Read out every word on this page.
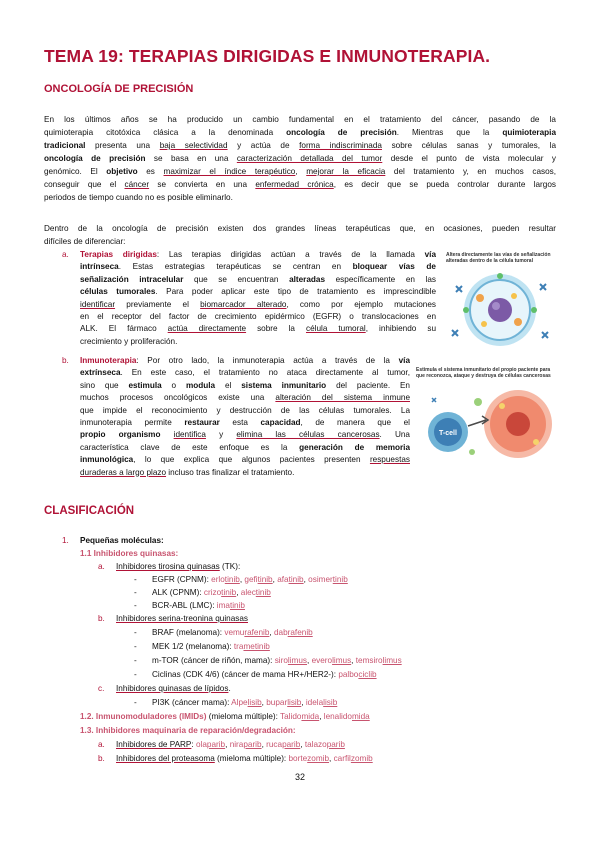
TEMA 19: TERAPIAS DIRIGIDAS E INMUNOTERAPIA.
ONCOLOGÍA DE PRECISIÓN
En los últimos años se ha producido un cambio fundamental en el tratamiento del cáncer, pasando de la
quimioterapia citotóxica clásica a la denominada oncología de precisión. Mientras que la quimioterapia
tradicional presenta una baja selectividad y actúa de forma indiscriminada sobre células sanas y tumorales, la
oncología de precisión se basa en una caracterización detallada del tumor desde el punto de vista molecular y
genómico. El objetivo es maximizar el índice terapéutico, mejorar la eficacia del tratamiento y, en muchos casos,
conseguir que el cáncer se convierta en una enfermedad crónica, es decir que se pueda controlar durante largos
periodos de tiempo cuando no es posible eliminarlo.
Dentro de la oncología de precisión existen dos grandes líneas terapéuticas que, en ocasiones, pueden resultar
difíciles de diferenciar:
a. Terapias dirigidas: Las terapias dirigidas actúan a través de la llamada vía
intrínseca. Estas estrategias terapéuticas se centran en bloquear vías de
señalización intracelular que se encuentran alteradas específicamente en las
células tumorales. Para poder aplicar este tipo de tratamiento es imprescindible
identificar previamente el biomarcador alterado, como por ejemplo mutaciones
en el receptor del factor de crecimiento epidérmico (EGFR) o translocaciones en
ALK. El fármaco actúa directamente sobre la célula tumoral, inhibiendo su
crecimiento y proliferación.
Altera directamente las vías de señalización
alteradas dentro de la célula tumoral
b. Inmunoterapia: Por otro lado, la inmunoterapia actúa a través de la vía
extrínseca. En este caso, el tratamiento no ataca directamente al tumor,
sino que estimula o modula el sistema inmunitario del paciente. En
muchos procesos oncológicos existe una alteración del sistema inmune
que impide el reconocimiento y destrucción de las células tumorales. La
inmunoterapia permite restaurar esta capacidad, de manera que el
propio organismo identifica y elimina las células cancerosas. Una
característica clave de este enfoque es la generación de memoria
inmunológica, lo que explica que algunos pacientes presenten respuestas
duraderas a largo plazo incluso tras finalizar el tratamiento.
Estimula el sistema inmunitario del propio paciente para
que reconozca, ataque y destruya de células cancerosas
T-cell
CLASIFICACIÓN
1. Pequeñas moléculas:
1.1 Inhibidores quinasas:
a. Inhibidores tirosina quinasas (TK):
- EGFR (CPNM): erlotinib, gefitinib, afatinib, osimertinib
- ALK (CPNM): crizotinib, alectinib
- BCR-ABL (LMC): imatinib
b. Inhibidores serina-treonina quinasas
- BRAF (melanoma): vemurafenib, dabrafenib
- MEK 1/2 (melanoma): trametinib
- m-TOR (cáncer de riñón, mama): sirolimus, everolimus, temsirolimus
- Ciclinas (CDK 4/6) (cáncer de mama HR+/HER2-): palbociclib
c. Inhibidores quinasas de lípidos.
- PI3K (cáncer mama): Alpelisib, buparlisib, idelalisib
1.2. Inmunomoduladores (IMIDs) (mieloma múltiple): Talidomida, lenalidomida
1.3. Inhibidores maquinaria de reparación/degradación:
a. Inhibidores de PARP: olaparib, niraparib, rucaparib, talazoparib
b. Inhibidores del proteasoma (mieloma múltiple): bortezomib, carfilzomib
32
